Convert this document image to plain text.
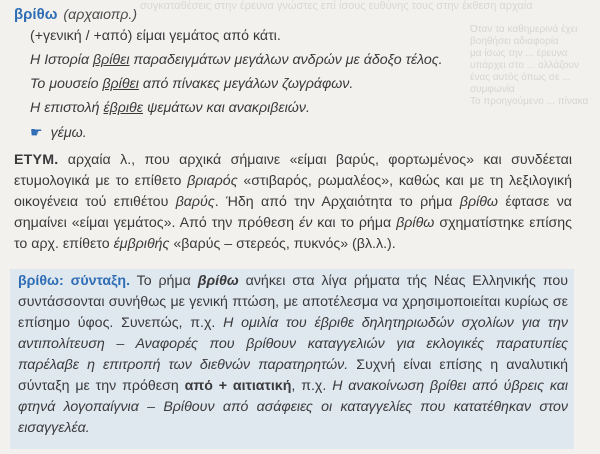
συγκαταθέσεις στην έρευνα γνώστες επί ίσους ευθύνης τους στην έκθεση αρχαία
Όταν τα καθημερινά έχει βοηθήσει αδιαφορία
μα ίσως την ... έρευνα
υπάρχει στο ... αλλάζουν
ένας αυτός όπως σε ... συμφωνία
Το προηγούμενο ... πίνακα
βρίθω (αρχαιοπρ.)
(+γενική / +από) είμαι γεμάτος από κάτι.
Η Ιστορία βρίθει παραδειγμάτων μεγάλων ανδρών με άδοξο τέλος.
Το μουσείο βρίθει από πίνακες μεγάλων ζωγράφων.
Η επιστολή έβριθε ψεμάτων και ανακριβειών.
☛ γέμω.
ΕΤΥΜ. αρχαία λ., που αρχικά σήμαινε «είμαι βαρύς, φορτωμένος» και συνδέεται ετυμολογικά με το επίθετο βριαρός «στιβαρός, ρωμαλέος», καθώς και με τη λεξιλογική οικογένεια τού επιθέτου βαρύς. Ήδη από την Αρχαιότητα το ρήμα βρίθω έφτασε να σημαίνει «είμαι γεμάτος». Από την πρόθεση έν και το ρήμα βρίθω σχηματίστηκε επίσης το αρχ. επίθετο έμβριθής «βαρύς – στερεός, πυκνός» (βλ.λ.).
βρίθω: σύνταξη. Το ρήμα βρίθω ανήκει στα λίγα ρήματα τής Νέας Ελληνικής που συντάσσονται συνήθως με γενική πτώση, με αποτέλεσμα να χρησιμοποιείται κυρίως σε επίσημο ύφος. Συνεπώς, π.χ. Η ομιλία του έβριθε δηλητηριωδών σχολίων για την αντιπολίτευση – Αναφορές που βρίθουν καταγγελιών για εκλογικές παρατυπίες παρέλαβε η επιτροπή των διεθνών παρατηρητών. Συχνή είναι επίσης η αναλυτική σύνταξη με την πρόθεση από + αιτιατική, π.χ. Η ανακοίνωση βρίθει από ύβρεις και φτηνά λογοπαίγνια – Βρίθουν από ασάφειες οι καταγγελίες που κατατέθηκαν στον εισαγγελέα.
